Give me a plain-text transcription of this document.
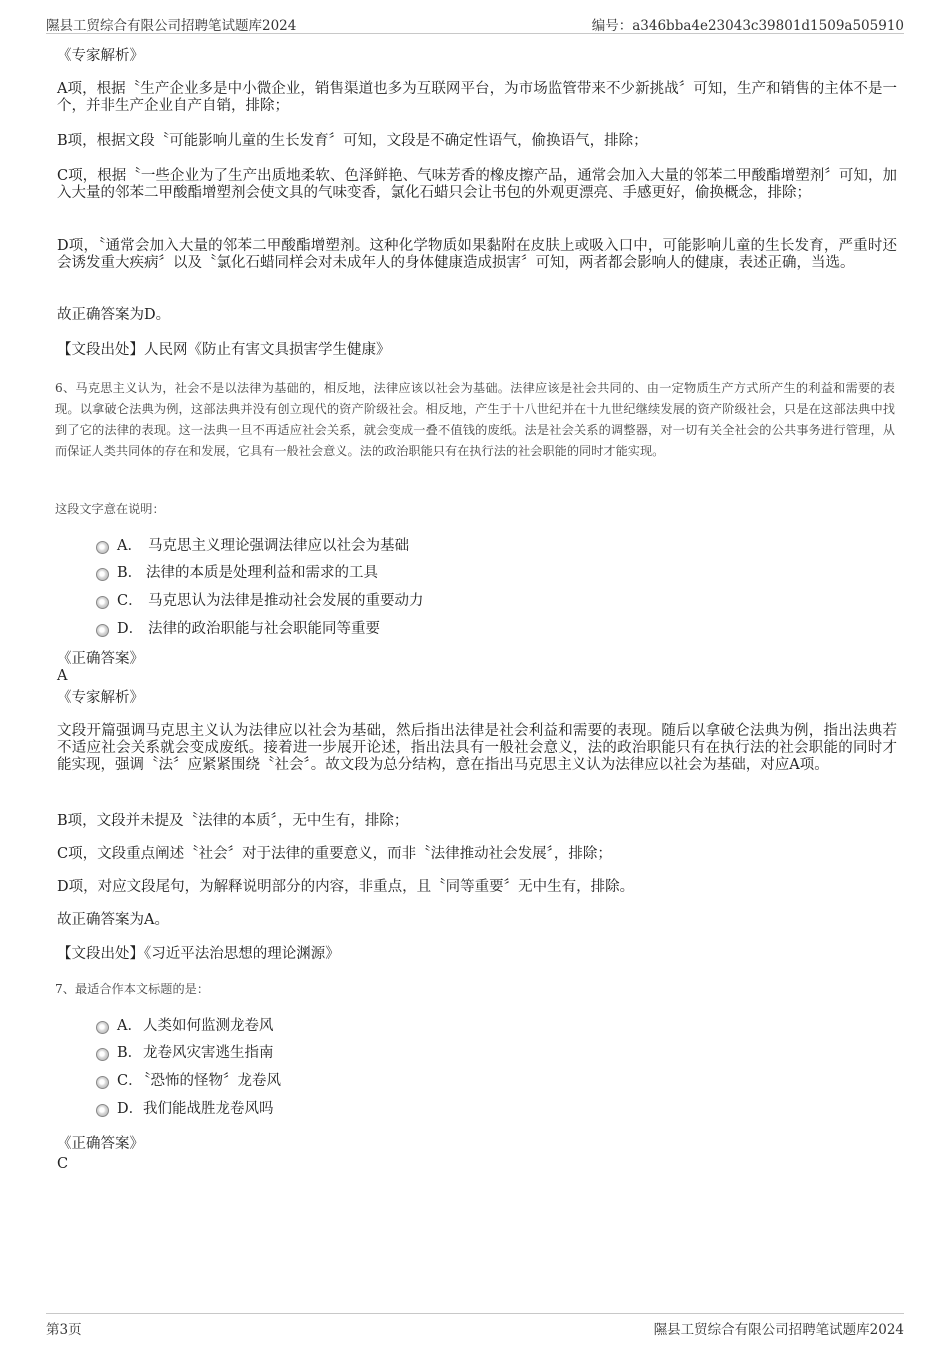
隰县工贸综合有限公司招聘笔试题库2024	编号：a346bba4e23043c39801d1509a505910
《专家解析》
A项，根据〝生产企业多是中小微企业，销售渠道也多为互联网平台，为市场监管带来不少新挑战〞可知，生产和销售的主体不是一个，并非生产企业自产自销，排除；
B项，根据文段〝可能影响儿童的生长发育〞可知，文段是不确定性语气，偷换语气，排除；
C项，根据〝一些企业为了生产出质地柔软、色泽鲜艳、气味芳香的橡皮擦产品，通常会加入大量的邻苯二甲酸酯增塑剂〞可知，加入大量的邻苯二甲酸酯增塑剂会使文具的气味变香，氯化石蜡只会让书包的外观更漂亮、手感更好，偷换概念，排除；
D项，〝通常会加入大量的邻苯二甲酸酯增塑剂。这种化学物质如果黏附在皮肤上或吸入口中，可能影响儿童的生长发育，严重时还会诱发重大疾病〞以及〝氯化石蜡同样会对未成年人的身体健康造成损害〞可知，两者都会影响人的健康，表述正确，当选。
故正确答案为D。
【文段出处】人民网《防止有害文具损害学生健康》
6、马克思主义认为，社会不是以法律为基础的，相反地，法律应该以社会为基础。法律应该是社会共同的、由一定物质生产方式所产生的利益和需要的表现。以拿破仑法典为例，这部法典并没有创立现代的资产阶级社会。相反地，产生于十八世纪并在十九世纪继续发展的资产阶级社会，只是在这部法典中找到了它的法律的表现。这一法典一旦不再适应社会关系，就会变成一叠不值钱的废纸。法是社会关系的调整器，对一切有关全社会的公共事务进行管理，从而保证人类共同体的存在和发展，它具有一般社会意义。法的政治职能只有在执行法的社会职能的同时才能实现。
这段文字意在说明：
A． 马克思主义理论强调法律应以社会为基础
B． 法律的本质是处理利益和需求的工具
C． 马克思认为法律是推动社会发展的重要动力
D． 法律的政治职能与社会职能同等重要
《正确答案》
A
《专家解析》
文段开篇强调马克思主义认为法律应以社会为基础，然后指出法律是社会利益和需要的表现。随后以拿破仑法典为例，指出法典若不适应社会关系就会变成废纸。接着进一步展开论述，指出法具有一般社会意义，法的政治职能只有在执行法的社会职能的同时才能实现，强调〝法〞应紧紧围绕〝社会〞。故文段为总分结构，意在指出马克思主义认为法律应以社会为基础，对应A项。
B项，文段并未提及〝法律的本质〞，无中生有，排除；
C项，文段重点阐述〝社会〞对于法律的重要意义，而非〝法律推动社会发展〞，排除；
D项，对应文段尾句，为解释说明部分的内容，非重点，且〝同等重要〞无中生有，排除。
故正确答案为A。
【文段出处】《习近平法治思想的理论渊源》
7、最适合作本文标题的是：
A． 人类如何监测龙卷风
B． 龙卷风灾害逃生指南
C．
〝恐怖的怪物〞龙卷风
D． 我们能战胜龙卷风吗
《正确答案》
C
第3页	隰县工贸综合有限公司招聘笔试题库2024
